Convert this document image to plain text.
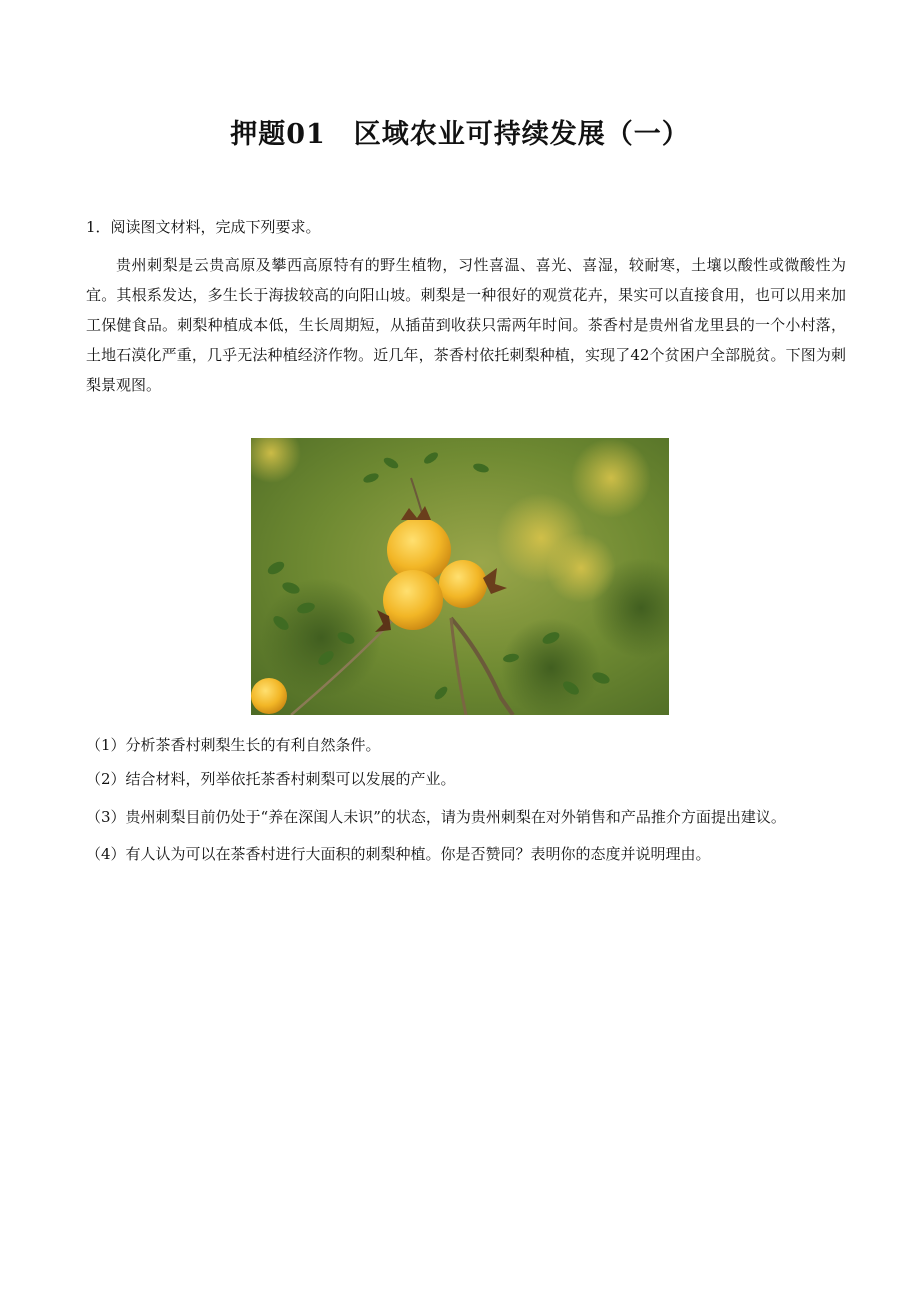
押题01　区域农业可持续发展（一）
1．阅读图文材料，完成下列要求。
贵州刺梨是云贵高原及攀西高原特有的野生植物，习性喜温、喜光、喜湿，较耐寒，土壤以酸性或微酸性为宜。其根系发达，多生长于海拔较高的向阳山坡。刺梨是一种很好的观赏花卉，果实可以直接食用，也可以用来加工保健食品。刺梨种植成本低，生长周期短，从插苗到收获只需两年时间。茶香村是贵州省龙里县的一个小村落，土地石漠化严重，几乎无法种植经济作物。近几年，茶香村依托刺梨种植，实现了42个贫困户全部脱贫。下图为刺梨景观图。
（1）分析茶香村刺梨生长的有利自然条件。
（2）结合材料，列举依托茶香村刺梨可以发展的产业。
（3）贵州刺梨目前仍处于“养在深闺人未识”的状态，请为贵州刺梨在对外销售和产品推介方面提出建议。
（4）有人认为可以在茶香村进行大面积的刺梨种植。你是否赞同？表明你的态度并说明理由。
